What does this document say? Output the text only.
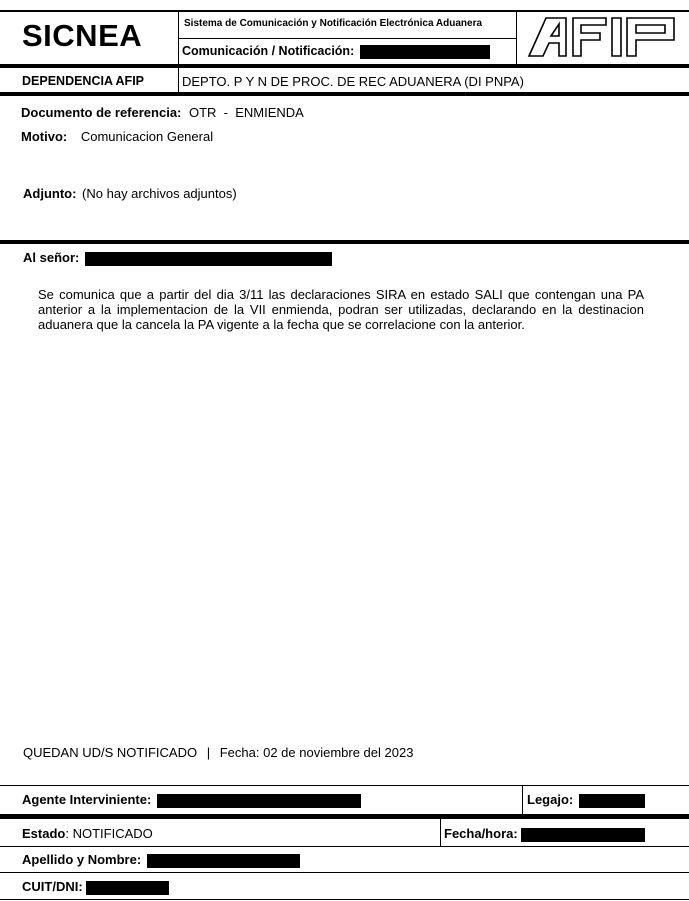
SICNEA	Sistema de Comunicación y Notificación Electrónica Aduanera
Comunicación / Notificación:
DEPENDENCIA AFIP	DEPTO. P Y N DE PROC. DE REC ADUANERA (DI PNPA)
Documento de referencia: OTR  -  ENMIENDA
Motivo: Comunicacion General
Adjunto: (No hay archivos adjuntos)
Al señor:
Se comunica que a partir del dia 3/11 las declaraciones SIRA en estado SALI que contengan una PA anterior a la implementacion de la VII enmienda, podran ser utilizadas, declarando en la destinacion aduanera que la cancela la PA vigente a la fecha que se correlacione con la anterior.
QUEDAN UD/S NOTIFICADO | Fecha: 02 de noviembre del 2023
Agente Interviniente:	Legajo:
Estado: NOTIFICADO	Fecha/hora:
Apellido y Nombre:
CUIT/DNI:
